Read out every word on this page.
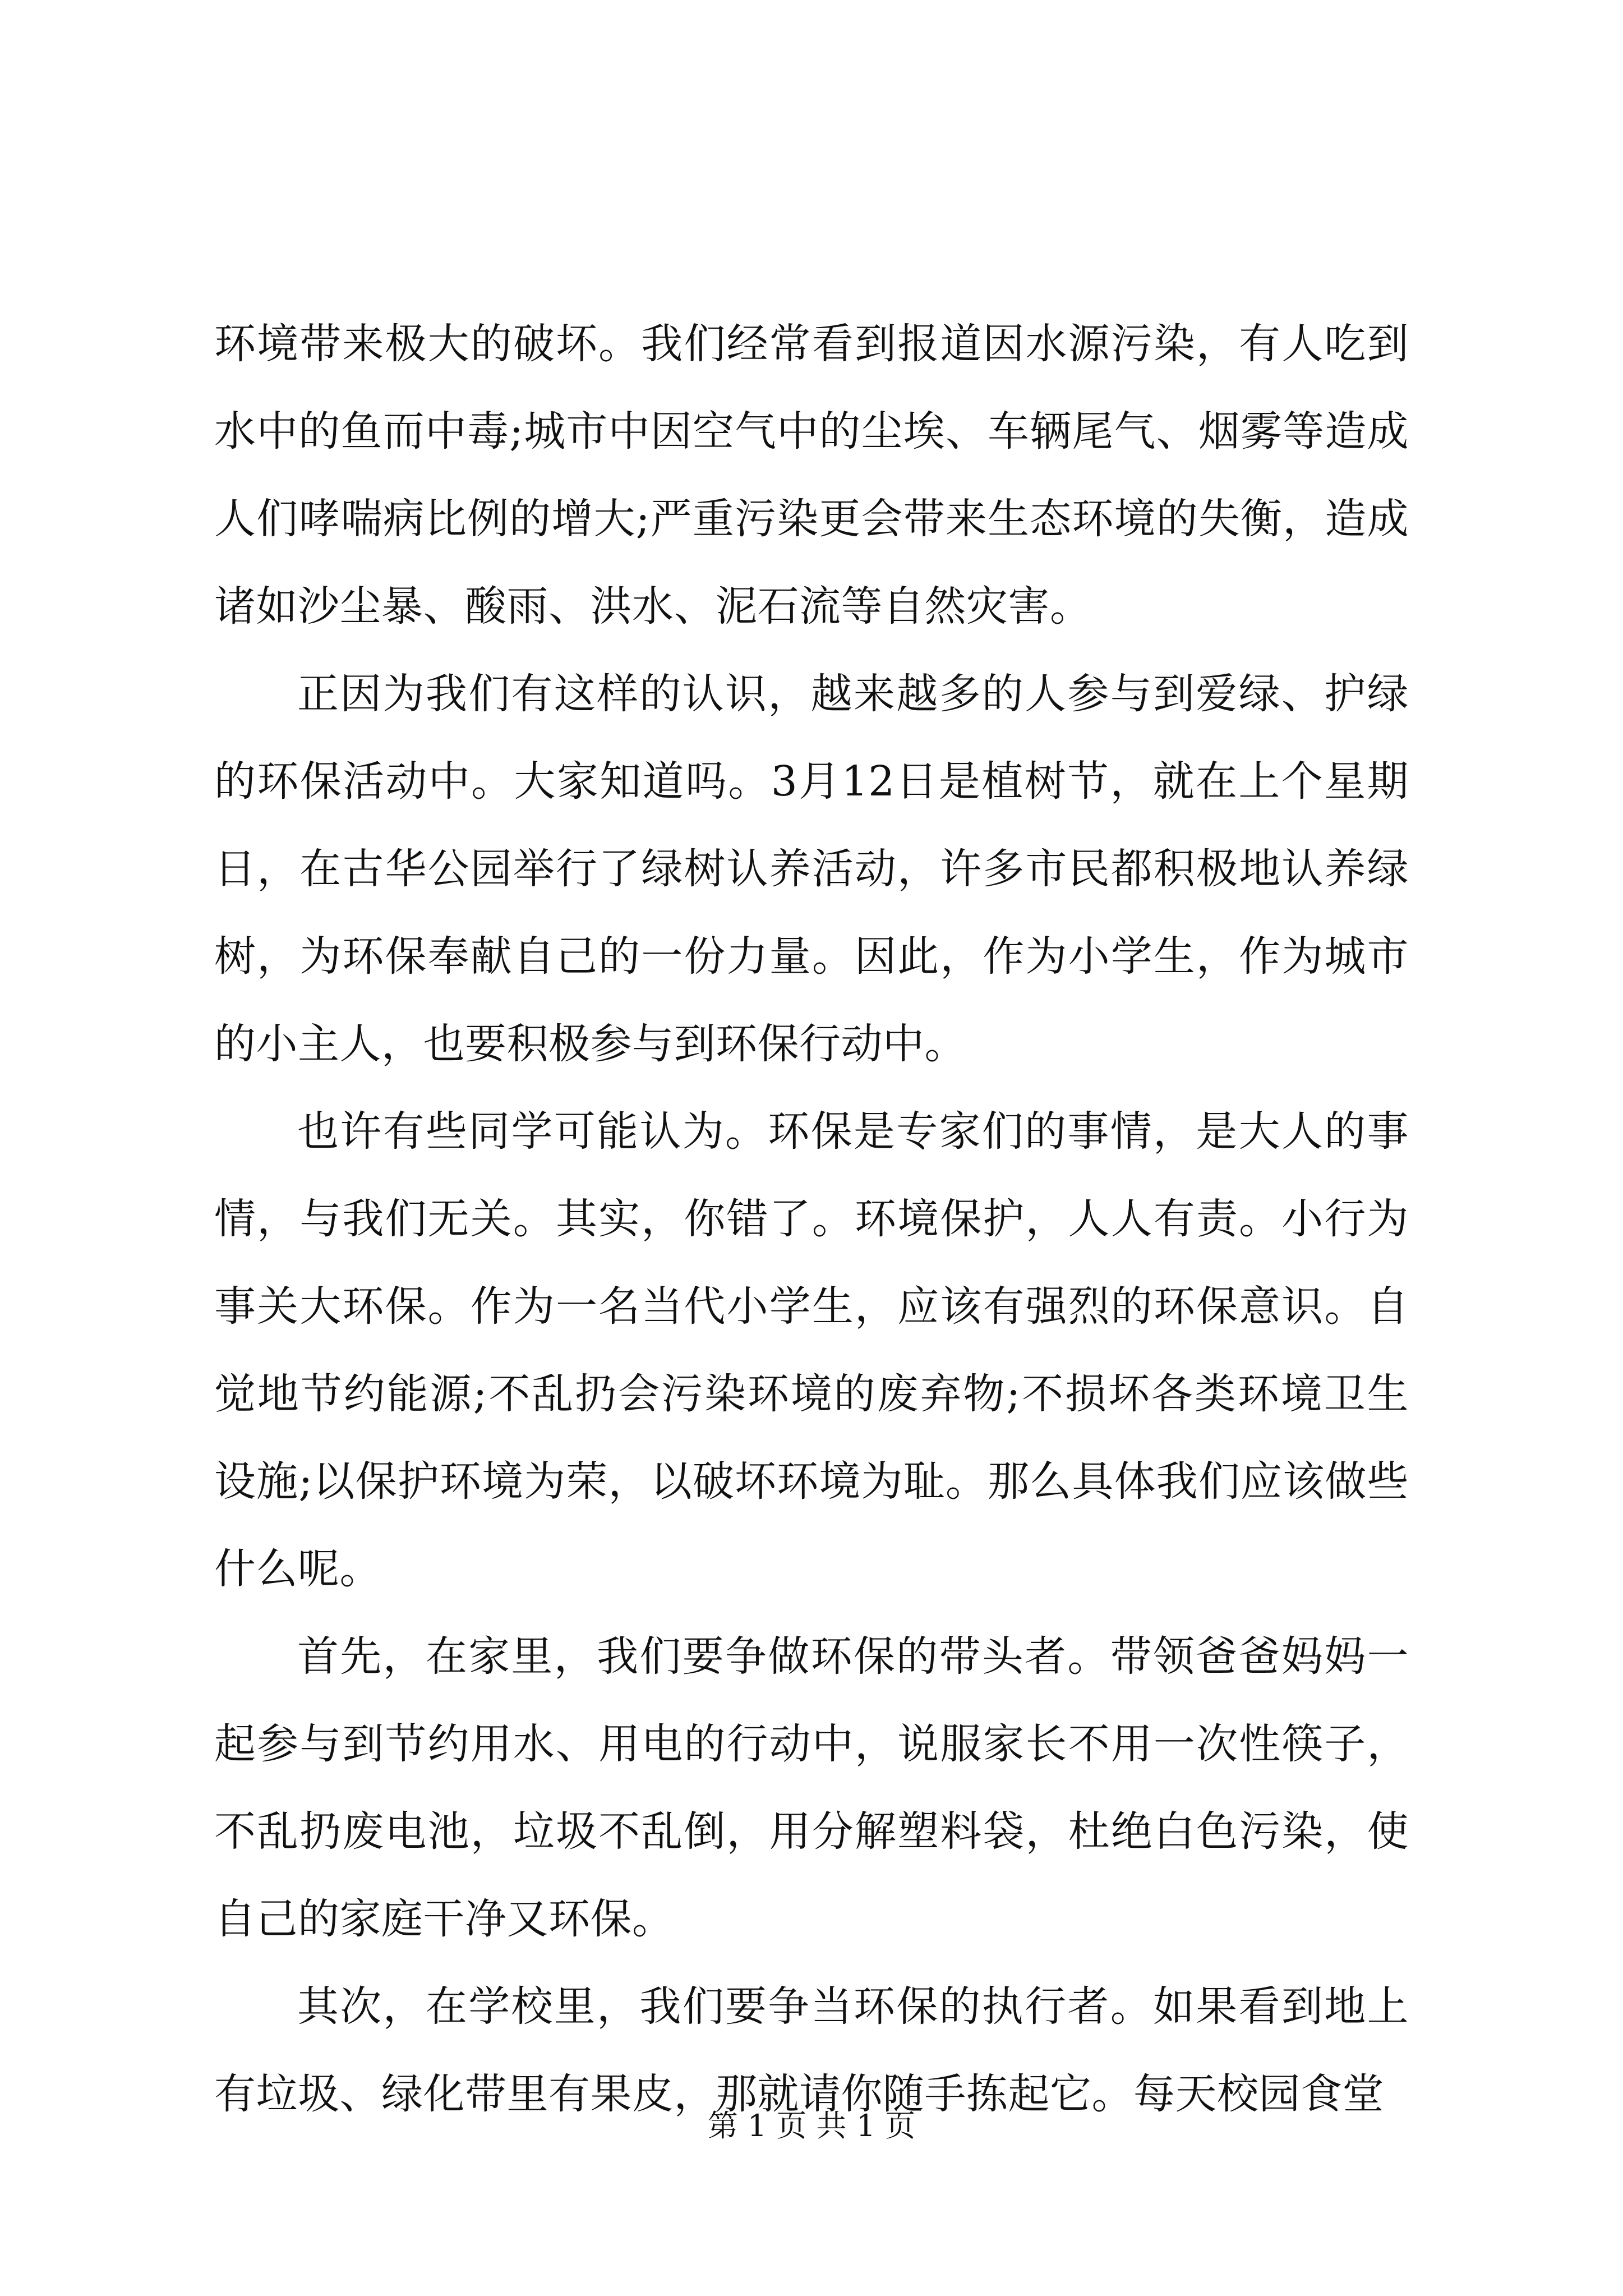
环境带来极大的破坏。我们经常看到报道因水源污染，有人吃到水中的鱼而中毒;城市中因空气中的尘埃、车辆尾气、烟雾等造成人们哮喘病比例的增大;严重污染更会带来生态环境的失衡，造成诸如沙尘暴、酸雨、洪水、泥石流等自然灾害。

正因为我们有这样的认识，越来越多的人参与到爱绿、护绿的环保活动中。大家知道吗。3月12日是植树节，就在上个星期日，在古华公园举行了绿树认养活动，许多市民都积极地认养绿树，为环保奉献自己的一份力量。因此，作为小学生，作为城市的小主人，也要积极参与到环保行动中。

也许有些同学可能认为。环保是专家们的事情，是大人的事情，与我们无关。其实，你错了。环境保护，人人有责。小行为事关大环保。作为一名当代小学生，应该有强烈的环保意识。自觉地节约能源;不乱扔会污染环境的废弃物;不损坏各类环境卫生设施;以保护环境为荣，以破坏环境为耻。那么具体我们应该做些什么呢。

首先，在家里，我们要争做环保的带头者。带领爸爸妈妈一起参与到节约用水、用电的行动中，说服家长不用一次性筷子，不乱扔废电池，垃圾不乱倒，用分解塑料袋，杜绝白色污染，使自己的家庭干净又环保。

其次，在学校里，我们要争当环保的执行者。如果看到地上有垃圾、绿化带里有果皮，那就请你随手拣起它。每天校园食堂

第 1 页 共 1 页
